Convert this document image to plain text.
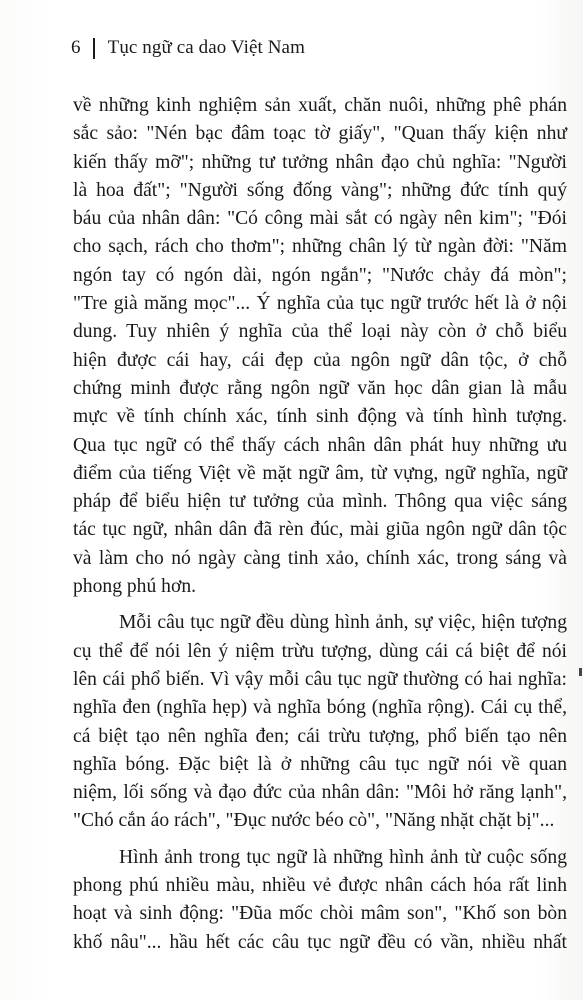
6 Tục ngữ ca dao Việt Nam
về những kinh nghiệm sản xuất, chăn nuôi, những phê phán
sắc sảo: "Nén bạc đâm toạc tờ giấy", "Quan thấy kiện như
kiến thấy mỡ"; những tư tưởng nhân đạo chủ nghĩa: "Người
là hoa đất"; "Người sống đống vàng"; những đức tính quý
báu của nhân dân: "Có công mài sắt có ngày nên kim"; "Đói
cho sạch, rách cho thơm"; những chân lý từ ngàn đời: "Năm
ngón tay có ngón dài, ngón ngắn"; "Nước chảy đá mòn";
"Tre già măng mọc"... Ý nghĩa của tục ngữ trước hết là ở nội
dung. Tuy nhiên ý nghĩa của thể loại này còn ở chỗ biểu
hiện được cái hay, cái đẹp của ngôn ngữ dân tộc, ở chỗ
chứng minh được rằng ngôn ngữ văn học dân gian là mẫu
mực về tính chính xác, tính sinh động và tính hình tượng.
Qua tục ngữ có thể thấy cách nhân dân phát huy những ưu
điểm của tiếng Việt về mặt ngữ âm, từ vựng, ngữ nghĩa, ngữ
pháp để biểu hiện tư tưởng của mình. Thông qua việc sáng
tác tục ngữ, nhân dân đã rèn đúc, mài giũa ngôn ngữ dân tộc
và làm cho nó ngày càng tinh xảo, chính xác, trong sáng và
phong phú hơn.
Mỗi câu tục ngữ đều dùng hình ảnh, sự việc, hiện tượng
cụ thể để nói lên ý niệm trừu tượng, dùng cái cá biệt để nói
lên cái phổ biến. Vì vậy mỗi câu tục ngữ thường có hai nghĩa:
nghĩa đen (nghĩa hẹp) và nghĩa bóng (nghĩa rộng). Cái cụ thể,
cá biệt tạo nên nghĩa đen; cái trừu tượng, phổ biến tạo nên
nghĩa bóng. Đặc biệt là ở những câu tục ngữ nói về quan
niệm, lối sống và đạo đức của nhân dân: "Môi hở răng lạnh",
"Chó cắn áo rách", "Đục nước béo cò", "Năng nhặt chặt bị"...
Hình ảnh trong tục ngữ là những hình ảnh từ cuộc sống
phong phú nhiều màu, nhiều vẻ được nhân cách hóa rất linh
hoạt và sinh động: "Đũa mốc chòi mâm son", "Khố son bòn
khố nâu"... hầu hết các câu tục ngữ đều có vần, nhiều nhất
